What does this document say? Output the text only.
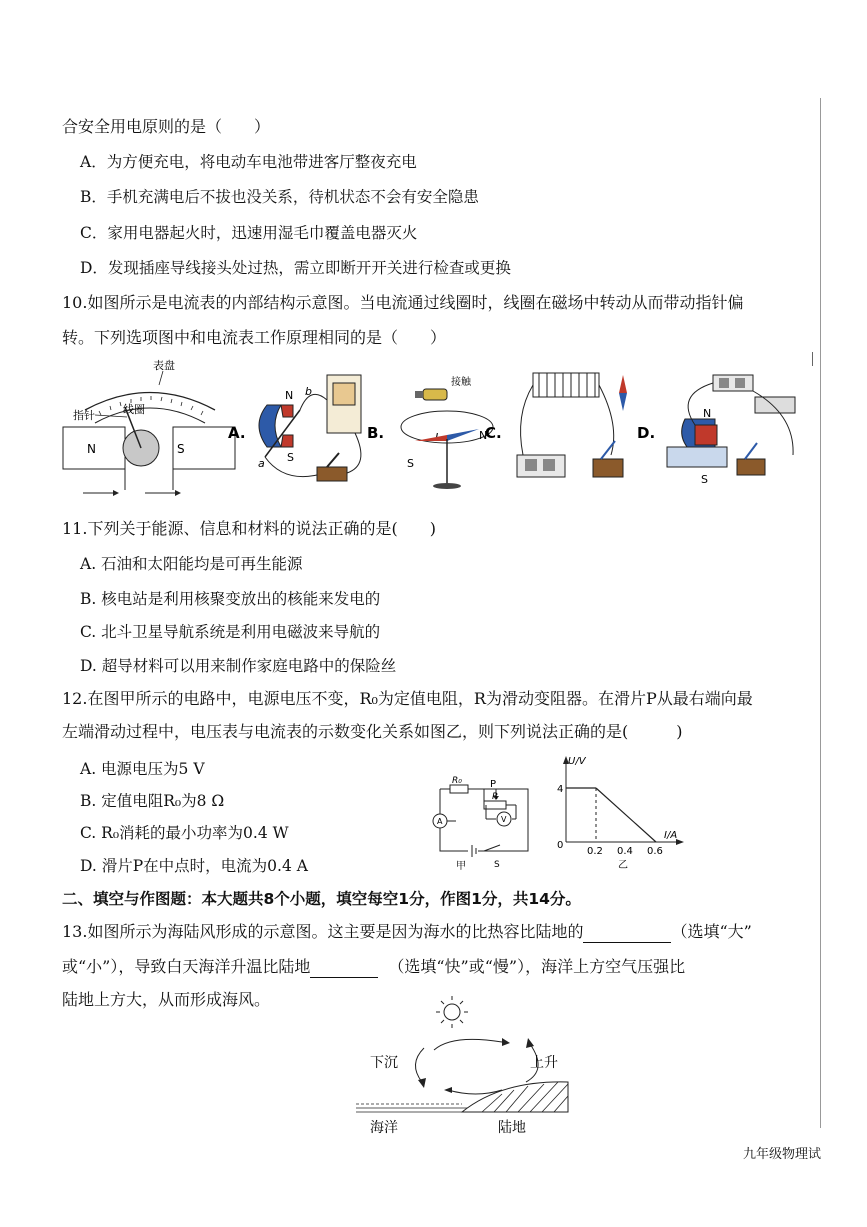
合安全用电原则的是（　　）
A．为方便充电，将电动车电池带进客厅整夜充电
B．手机充满电后不拔也没关系，待机状态不会有安全隐患
C．家用电器起火时，迅速用湿毛巾覆盖电器灭火
D．发现插座导线接头处过热，需立即断开开关进行检查或更换
10.如图所示是电流表的内部结构示意图。当电流通过线圈时，线圈在磁场中转动从而带动指针偏
转。下列选项图中和电流表工作原理相同的是（　　）
表盘
指针	线圈
N	S
A.
N
S
a
b
B.
接触
S
N
C.	D.
N
S
11.下列关于能源、信息和材料的说法正确的是(　　)
A. 石油和太阳能均是可再生能源
B. 核电站是利用核聚变放出的核能来发电的
C. 北斗卫星导航系统是利用电磁波来导航的
D. 超导材料可以用来制作家庭电路中的保险丝
12.在图甲所示的电路中，电源电压不变，R₀为定值电阻，R为滑动变阻器。在滑片P从最右端向最
左端滑动过程中，电压表与电流表的示数变化关系如图乙，则下列说法正确的是(　　　)
A. 电源电压为5 V
B. 定值电阻R₀为8 Ω
C. R₀消耗的最小功率为0.4 W
D. 滑片P在中点时，电流为0.4 A
R₀	P
R
A	V
S
甲
U/V
I/A
0
4
0.2 0.4 0.6
乙
二、填空与作图题：本大题共8个小题，填空每空1分，作图1分，共14分。
13.如图所示为海陆风形成的示意图。这主要是因为海水的比热容比陆地的	（选填“大”
或“小”），导致白天海洋升温比陆地	（选填“快”或“慢”），海洋上方空气压强比
陆地上方大，从而形成海风。
下沉	上升
海洋	陆地
九年级物理试
